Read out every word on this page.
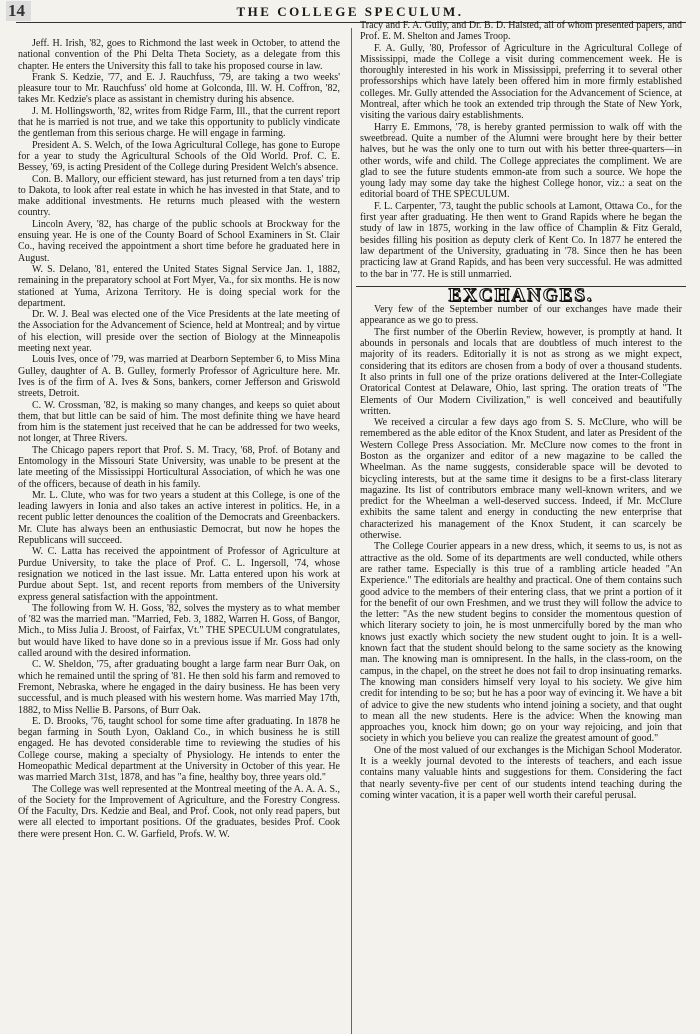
14	THE COLLEGE SPECULUM.

Jeff. H. Irish, '82, goes to Richmond the last week in October, to attend the national convention of the Phi Delta Theta Society, as a delegate from this chapter. He enters the University this fall to take his proposed course in law.

Frank S. Kedzie, '77, and E. J. Rauchfuss, '79, are taking a two weeks' pleasure tour to Mr. Rauchfuss' old home at Golconda, Ill. W. H. Coffron, '82, takes Mr. Kedzie's place as assistant in chemistry during his absence.

J. M. Hollingsworth, '82, writes from Ridge Farm, Ill., that the current report that he is married is not true, and we take this opportunity to publicly vindicate the gentleman from this serious charge. He will engage in farming.

President A. S. Welch, of the Iowa Agricultural College, has gone to Europe for a year to study the Agricultural Schools of the Old World. Prof. C. E. Bessey, '69, is acting President of the College during President Welch's absence.

Con. B. Mallory, our efficient steward, has just returned from a ten days' trip to Dakota, to look after real estate in which he has invested in that State, and to make additional investments. He returns much pleased with the western country.

Lincoln Avery, '82, has charge of the public schools at Brockway for the ensuing year. He is one of the County Board of School Examiners in St. Clair Co., having received the appointment a short time before he graduated here in August.

W. S. Delano, '81, entered the United States Signal Service Jan. 1, 1882, remaining in the preparatory school at Fort Myer, Va., for six months. He is now stationed at Yuma, Arizona Territory. He is doing special work for the department.

Dr. W. J. Beal was elected one of the Vice Presidents at the late meeting of the Association for the Advancement of Science, held at Montreal; and by virtue of his election, will preside over the section of Biology at the Minneapolis meeting next year.

Louis Ives, once of '79, was married at Dearborn September 6, to Miss Mina Gulley, daughter of A. B. Gulley, formerly Professor of Agriculture here. Mr. Ives is of the firm of A. Ives & Sons, bankers, corner Jefferson and Griswold streets, Detroit.

C. W. Crossman, '82, is making so many changes, and keeps so quiet about them, that but little can be said of him. The most definite thing we have heard from him is the statement just received that he can be addressed for two weeks, not longer, at Three Rivers.

The Chicago papers report that Prof. S. M. Tracy, '68, Prof. of Botany and Entomology in the Missouri State University, was unable to be present at the late meeting of the Mississippi Horticultural Association, of which he was one of the officers, because of death in his family.

Mr. L. Clute, who was for two years a student at this College, is one of the leading lawyers in Ionia and also takes an active interest in politics. He, in a recent public letter denounces the coalition of the Democrats and Greenbackers. Mr. Clute has always been an enthusiastic Democrat, but now he hopes the Republicans will succeed.

W. C. Latta has received the appointment of Professor of Agriculture at Purdue University, to take the place of Prof. C. L. Ingersoll, '74, whose resignation we noticed in the last issue. Mr. Latta entered upon his work at Purdue about Sept. 1st, and recent reports from members of the University express general satisfaction with the appointment.

The following from W. H. Goss, '82, solves the mystery as to what member of '82 was the married man. "Married, Feb. 3, 1882, Warren H. Goss, of Bangor, Mich., to Miss Julia J. Broost, of Fairfax, Vt." THE SPECULUM congratulates, but would have liked to have done so in a previous issue if Mr. Goss had only called around with the desired information.

C. W. Sheldon, '75, after graduating bought a large farm near Burr Oak, on which he remained until the spring of '81. He then sold his farm and removed to Fremont, Nebraska, where he engaged in the dairy business. He has been very successful, and is much pleased with his western home. Was married May 17th, 1882, to Miss Nellie B. Parsons, of Burr Oak.

E. D. Brooks, '76, taught school for some time after graduating. In 1878 he began farming in South Lyon, Oakland Co., in which business he is still engaged. He has devoted considerable time to reviewing the studies of his College course, making a specialty of Physiology. He intends to enter the Homeopathic Medical department at the University in October of this year. He was married March 31st, 1878, and has "a fine, healthy boy, three years old."

The College was well represented at the Montreal meeting of the A. A. A. S., of the Society for the Improvement of Agriculture, and the Forestry Congress. Of the Faculty, Drs. Kedzie and Beal, and Prof. Cook, not only read papers, but were all elected to important positions. Of the graduates, besides Prof. Cook there were present Hon. C. W. Garfield, Profs. W. W.

Tracy and F. A. Gully, and Dr. B. D. Halsted, all of whom presented papers, and Prof. E. M. Shelton and James Troop.

F. A. Gully, '80, Professor of Agriculture in the Agricultural College of Mississippi, made the College a visit during commencement week. He is thoroughly interested in his work in Mississippi, preferring it to several other professorships which have lately been offered him in more firmly established colleges. Mr. Gully attended the Association for the Advancement of Science, at Montreal, after which he took an extended trip through the State of New York, visiting the various dairy establishments.

Harry E. Emmons, '78, is hereby granted permission to walk off with the sweetbread. Quite a number of the Alumni were brought here by their better halves, but he was the only one to turn out with his better three-quarters—in other words, wife and child. The College appreciates the compliment. We are glad to see the future students emmon-ate from such a source. We hope the young lady may some day take the highest College honor, viz.: a seat on the editorial board of THE SPECULUM.

F. L. Carpenter, '73, taught the public schools at Lamont, Ottawa Co., for the first year after graduating. He then went to Grand Rapids where he began the study of law in 1875, working in the law office of Champlin & Fitz Gerald, besides filling his position as deputy clerk of Kent Co. In 1877 he entered the law department of the University, graduating in '78. Since then he has been practicing law at Grand Rapids, and has been very successful. He was admitted to the bar in '77. He is still unmarried.

EXCHANGES.

Very few of the September number of our exchanges have made their appearance as we go to press.

The first number of the Oberlin Review, however, is promptly at hand. It abounds in personals and locals that are doubtless of much interest to the majority of its readers. Editorially it is not as strong as we might expect, considering that its editors are chosen from a body of over a thousand students. It also prints in full one of the prize orations delivered at the Inter-Collegiate Oratorical Contest at Delaware, Ohio, last spring. The oration treats of "The Elements of Our Modern Civilization," is well conceived and beautifully written.

We received a circular a few days ago from S. S. McClure, who will be remembered as the able editor of the Knox Student, and later as President of the Western College Press Association. Mr. McClure now comes to the front in Boston as the organizer and editor of a new magazine to be called the Wheelman. As the name suggests, considerable space will be devoted to bicycling interests, but at the same time it designs to be a first-class literary magazine. Its list of contributors embrace many well-known writers, and we predict for the Wheelman a well-deserved success. Indeed, if Mr. McClure exhibits the same talent and energy in conducting the new enterprise that characterized his management of the Knox Student, it can scarcely be otherwise.

The College Courier appears in a new dress, which, it seems to us, is not as attractive as the old. Some of its departments are well conducted, while others are rather tame. Especially is this true of a rambling article headed "An Experience." The editorials are healthy and practical. One of them contains such good advice to the members of their entering class, that we print a portion of it for the benefit of our own Freshmen, and we trust they will follow the advice to the letter: "As the new student begins to consider the momentous question of which literary society to join, he is most unmercifully bored by the man who knows just exactly which society the new student ought to join. It is a well-known fact that the student should belong to the same society as the knowing man. The knowing man is omnipresent. In the halls, in the class-room, on the campus, in the chapel, on the street he does not fail to drop insinuating remarks. The knowing man considers himself very loyal to his society. We give him credit for intending to be so; but he has a poor way of evincing it. We have a bit of advice to give the new students who intend joining a society, and that ought to mean all the new students. Here is the advice: When the knowing man approaches you, knock him down; go on your way rejoicing, and join that society in which you believe you can realize the greatest amount of good."

One of the most valued of our exchanges is the Michigan School Moderator. It is a weekly journal devoted to the interests of teachers, and each issue contains many valuable hints and suggestions for them. Considering the fact that nearly seventy-five per cent of our students intend teaching during the coming winter vacation, it is a paper well worth their careful perusal.
